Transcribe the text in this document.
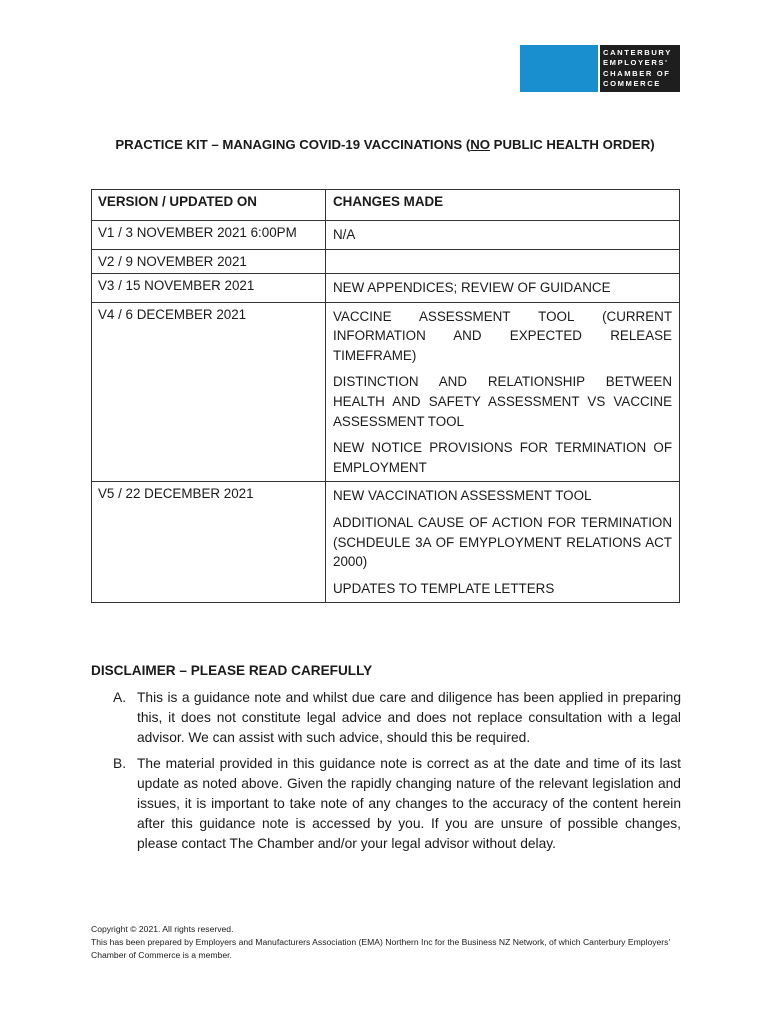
CANTERBURY
EMPLOYERS'
CHAMBER OF
COMMERCE
PRACTICE KIT – MANAGING COVID-19 VACCINATIONS (NO PUBLIC HEALTH ORDER)
VERSION / UPDATED ON	CHANGES MADE
V1 / 3 NOVEMBER 2021 6:00PM	N/A

V2 / 9 NOVEMBER 2021	
V3 / 15 NOVEMBER 2021	NEW APPENDICES; REVIEW OF GUIDANCE

V4 / 6 DECEMBER 2021	VACCINE ASSESSMENT TOOL (CURRENT INFORMATION AND EXPECTED RELEASE TIMEFRAME)

DISTINCTION AND RELATIONSHIP BETWEEN HEALTH AND SAFETY ASSESSMENT VS VACCINE ASSESSMENT TOOL

NEW NOTICE PROVISIONS FOR TERMINATION OF EMPLOYMENT

V5 / 22 DECEMBER 2021	NEW VACCINATION ASSESSMENT TOOL

ADDITIONAL CAUSE OF ACTION FOR TERMINATION (SCHDEULE 3A OF EMYPLOYMENT RELATIONS ACT 2000)

UPDATES TO TEMPLATE LETTERS

DISCLAIMER – PLEASE READ CAREFULLY
A. This is a guidance note and whilst due care and diligence has been applied in preparing this, it does not constitute legal advice and does not replace consultation with a legal advisor. We can assist with such advice, should this be required.
B. The material provided in this guidance note is correct as at the date and time of its last update as noted above. Given the rapidly changing nature of the relevant legislation and issues, it is important to take note of any changes to the accuracy of the content herein after this guidance note is accessed by you. If you are unsure of possible changes, please contact The Chamber and/or your legal advisor without delay.
Copyright © 2021. All rights reserved.
This has been prepared by Employers and Manufacturers Association (EMA) Northern Inc for the Business NZ Network, of which Canterbury Employers' Chamber of Commerce is a member.
